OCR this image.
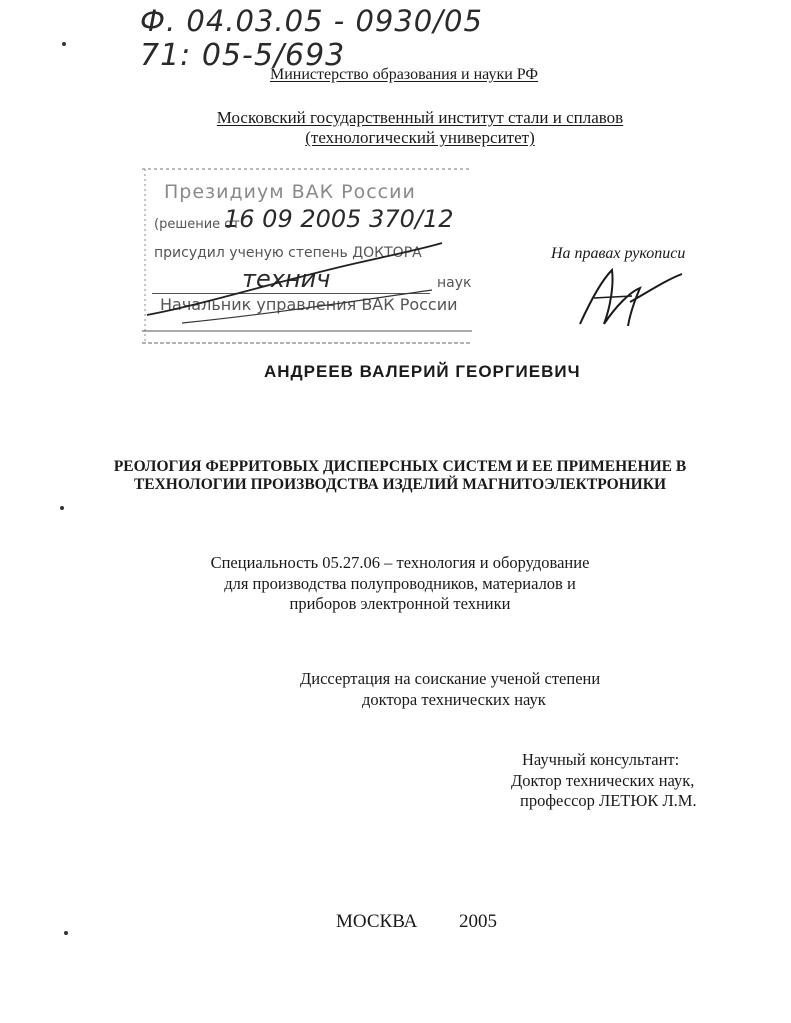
Ф. 04.03.05 - 0930/05
71: 05-5/693
Министерство образования и науки РФ
Московский государственный институт стали и сплавов
(технологический университет)
Президиум ВАК России
(решение от
16 09 2005 370/12
присудил ученую степень ДОКТОРА
технич	наук
Начальник управления ВАК России
На правах рукописи
АНДРЕЕВ ВАЛЕРИЙ ГЕОРГИЕВИЧ
РЕОЛОГИЯ ФЕРРИТОВЫХ ДИСПЕРСНЫХ СИСТЕМ И ЕЕ ПРИМЕНЕНИЕ В
ТЕХНОЛОГИИ ПРОИЗВОДСТВА ИЗДЕЛИЙ МАГНИТОЭЛЕКТРОНИКИ
Специальность 05.27.06 – технология и оборудование
для производства полупроводников, материалов и
приборов электронной техники
Диссертация на соискание ученой степени
доктора технических наук
Научный консультант:
Доктор технических наук,
профессор ЛЕТЮК Л.М.
МОСКВА 2005
